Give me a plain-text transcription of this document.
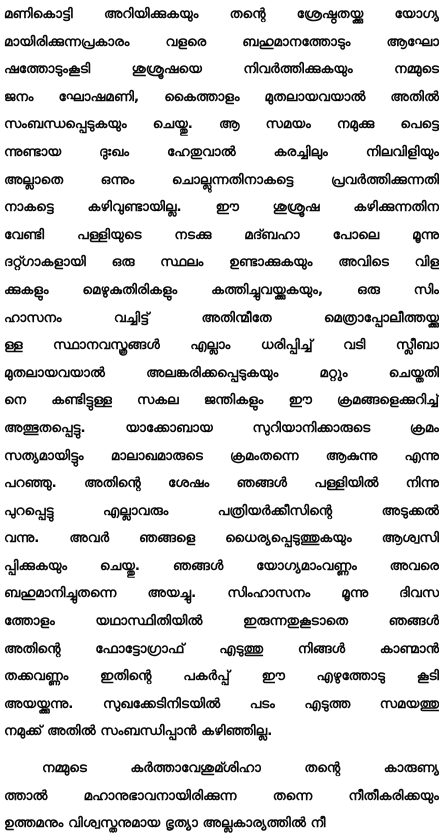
മണികൊട്ടി അറിയിക്കുകയും തന്റെ ശ്രേഷ്ഠതയ്ക്കു യോഗ്യ
മായിരിക്കുന്നപ്രകാരം വളരെ ബഹുമാനത്തോടും ആഘോ
ഷത്തോടുംകൂടി ശുശ്രൂഷയെ നിവർത്തിക്കുകയും നമ്മുടെ
ജനം ഘോഷമണി, കൈത്താളം മുതലായവയാൽ അതിൽ
സംബന്ധപ്പെടുകയും ചെയ്തു. ആ സമയം നമുക്കു പെട്ടെ
ന്നുണ്ടായ ദുഃഖം ഹേതുവാൽ കരച്ചിലും നിലവിളിയും
അല്ലാതെ ഒന്നും ചൊല്ലുന്നതിനാകട്ടെ പ്രവർത്തിക്കുന്നതി
നാകട്ടെ കഴിവുണ്ടായില്ല. ഈ ശുശ്രൂഷ കഴിക്കുന്നതിന
വേണ്ടി പള്ളിയുടെ നടക്കു മദ്ബഹാ പോലെ മൂന്നു
ദറ്റ്ഗാകളായി ഒരു സ്ഥലം ഉണ്ടാക്കുകയും അവിടെ വിള
ക്കുകളും മെഴുകുതിരികളും കത്തിച്ചുവയ്ക്കുകയും, ഒരു സിം
ഹാസനം വച്ചിട്ട് അതിന്മീതേ മെത്രാപ്പോലീത്തയ്ക്കു
ള്ള സ്ഥാനവസ്ത്രങ്ങൾ എല്ലാം ധരിപ്പിച്ച് വടി സ്ലീബാ
മുതലായവയാൽ അലങ്കരിക്കപ്പെടുകയും മറ്റും ചെയ്തതി
നെ കണ്ടിട്ടുള്ള സകല ജന്തികളും ഈ ക്രമങ്ങളെക്കുറിച്ച്
അത്ഭുതപ്പെട്ടു. യാക്കോബായ സുറിയാനിക്കാരുടെ ക്രമം
സത്യമായിട്ടും മാലാഖമാരുടെ ക്രമംതന്നെ ആകുന്നു എന്നു
പറഞ്ഞു. അതിന്റെ ശേഷം ഞങ്ങൾ പള്ളിയിൽ നിന്നു
പുറപ്പെട്ടു എല്ലാവരും പത്രിയർക്കീസിന്റെ അടുക്കൽ
വന്നു. അവർ ഞങ്ങളെ ധൈര്യപ്പെടുത്തുകയും ആശ്വസി
പ്പിക്കുകയും ചെയ്തു. ഞങ്ങൾ യോഗ്യമാംവണ്ണം അവരെ
ബഹുമാനിച്ചുതന്നെ അയച്ചു. സിംഹാസനം മൂന്നു ദിവസ
ത്തോളം യഥാസ്ഥിതിയിൽ ഇരുന്നതുകൂടാതെ ഞങ്ങൾ
അതിന്റെ ഫോട്ടോഗ്രാഫ് എടുത്തു നിങ്ങൾ കാണ്മാൻ
തക്കവണ്ണം ഇതിന്റെ പകർപ്പ് ഈ എഴുത്തോടു കൂടി
അയയ്ക്കുന്നു. സുഖക്കേടിനിടയിൽ പടം എടുത്ത സമയത്തു
നമുക്ക് അതിൽ സംബന്ധിപ്പാൻ കഴിഞ്ഞില്ല.
നമ്മുടെ കർത്താവേശുമ്ശിഹാ തന്റെ കാരുണ്യ
ത്താൽ മഹാനുഭാവനായിരിക്കുന്ന തന്നെ നീതീകരിക്കയും
ഉത്തമനും വിശ്വസ്തനുമായ ഭൃത്യാ അല്ലകാര്യത്തിൽ നീ
